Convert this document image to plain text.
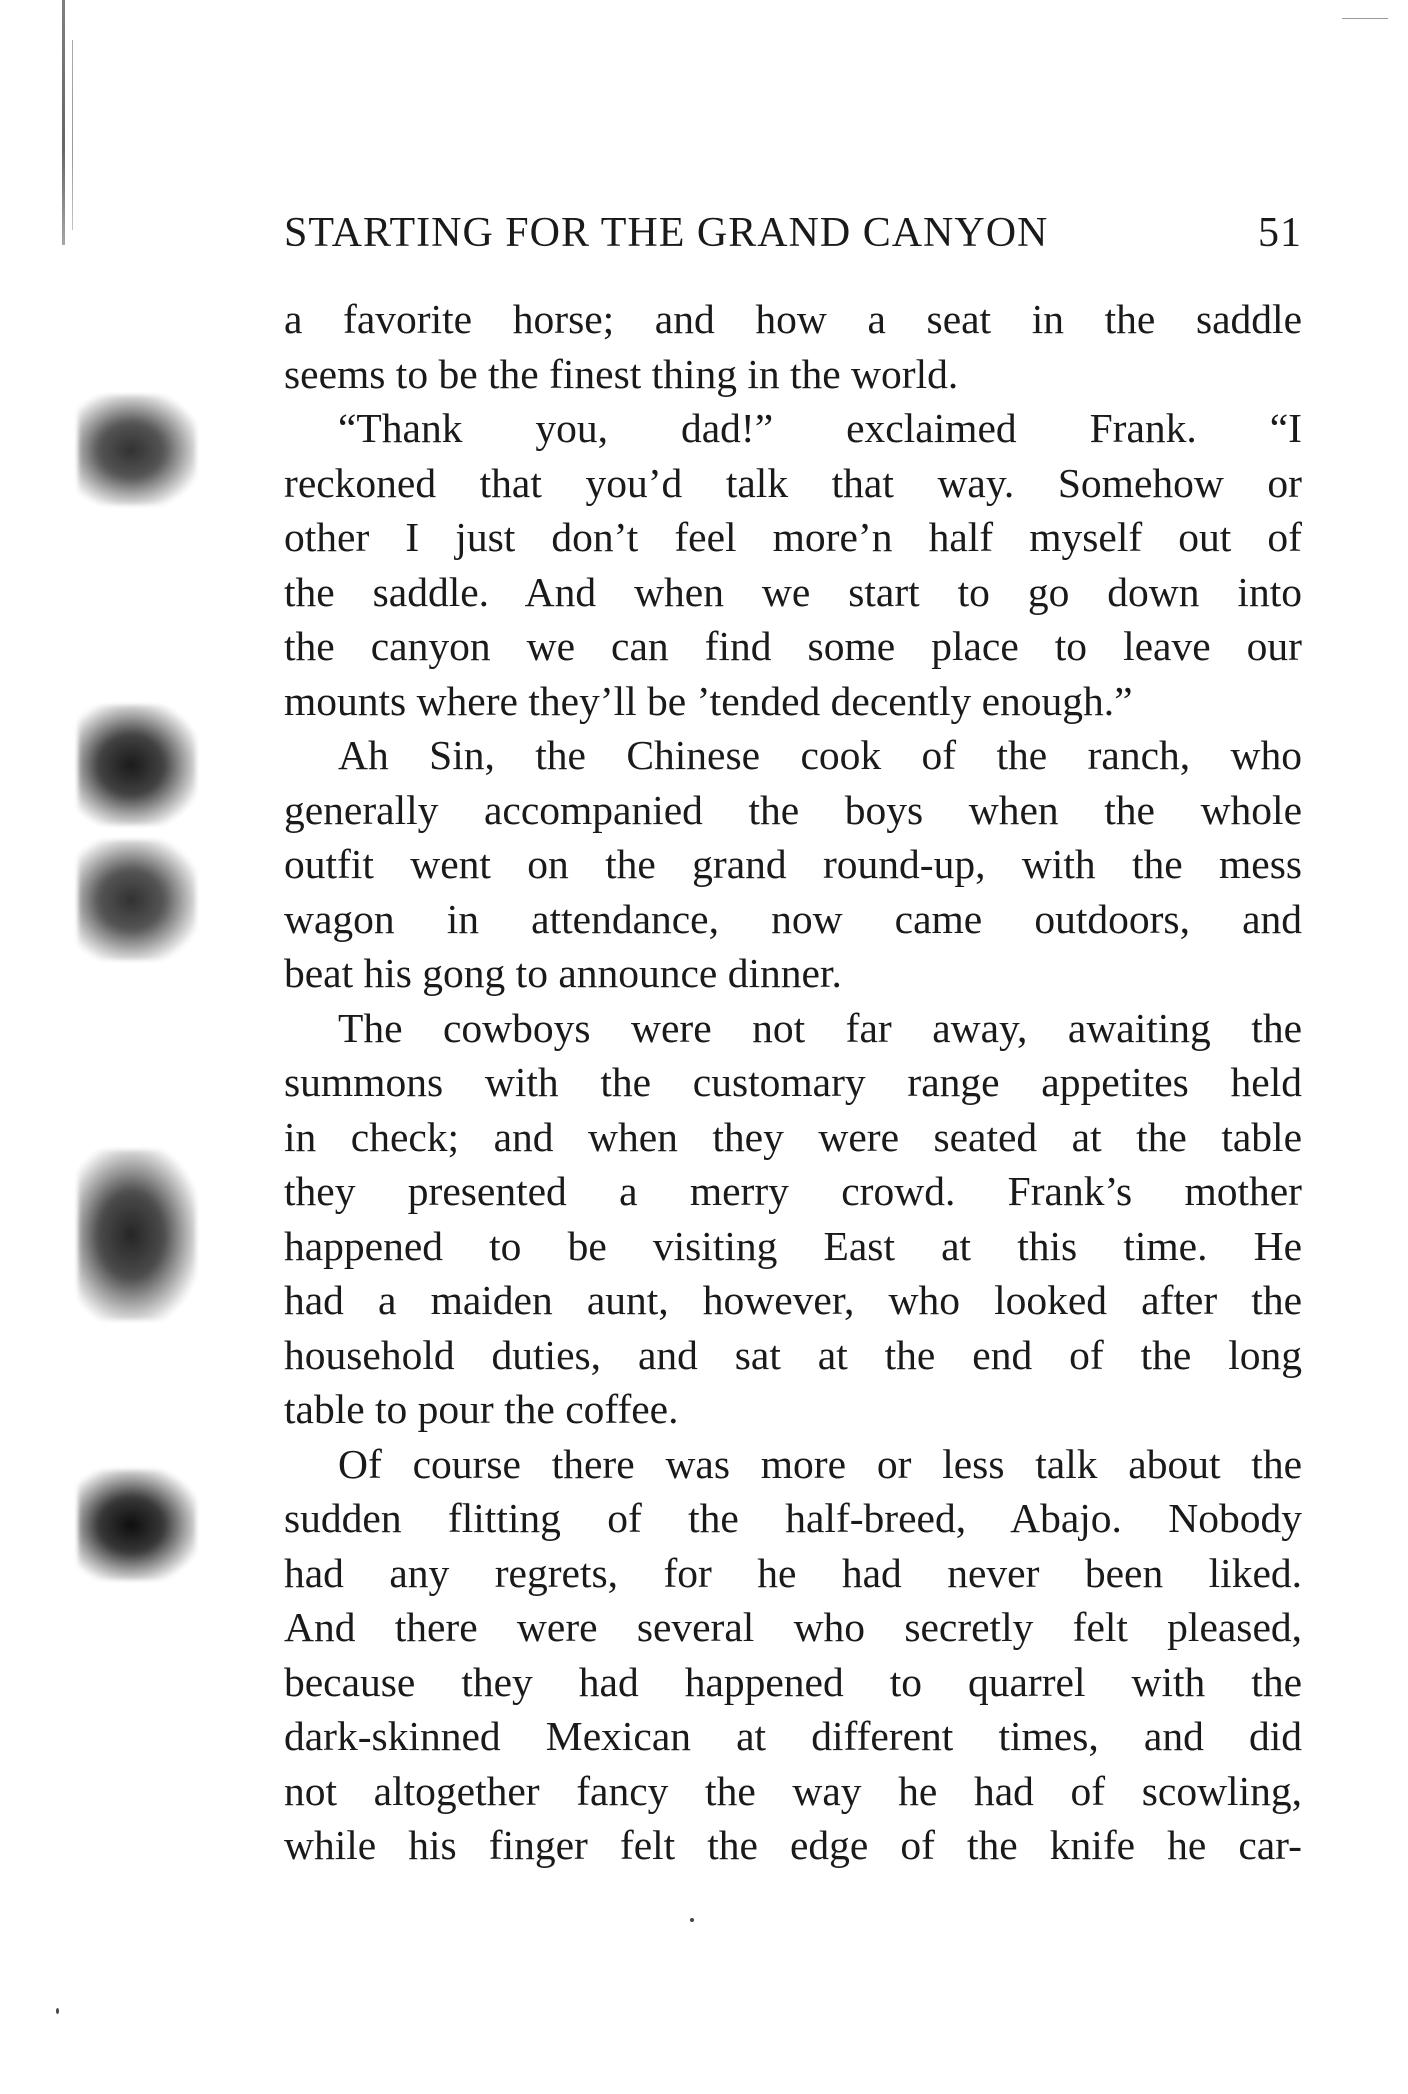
STARTING FOR THE GRAND CANYON	51
a favorite horse; and how a seat in the saddle
seems to be the finest thing in the world.
“Thank you, dad!” exclaimed Frank. “I
reckoned that you’d talk that way. Somehow or
other I just don’t feel more’n half myself out of
the saddle. And when we start to go down into
the canyon we can find some place to leave our
mounts where they’ll be ’tended decently enough.”
Ah Sin, the Chinese cook of the ranch, who
generally accompanied the boys when the whole
outfit went on the grand round-up, with the mess
wagon in attendance, now came outdoors, and
beat his gong to announce dinner.
The cowboys were not far away, awaiting the
summons with the customary range appetites held
in check; and when they were seated at the table
they presented a merry crowd. Frank’s mother
happened to be visiting East at this time. He
had a maiden aunt, however, who looked after the
household duties, and sat at the end of the long
table to pour the coffee.
Of course there was more or less talk about the
sudden flitting of the half-breed, Abajo. Nobody
had any regrets, for he had never been liked.
And there were several who secretly felt pleased,
because they had happened to quarrel with the
dark-skinned Mexican at different times, and did
not altogether fancy the way he had of scowling,
while his finger felt the edge of the knife he car-
